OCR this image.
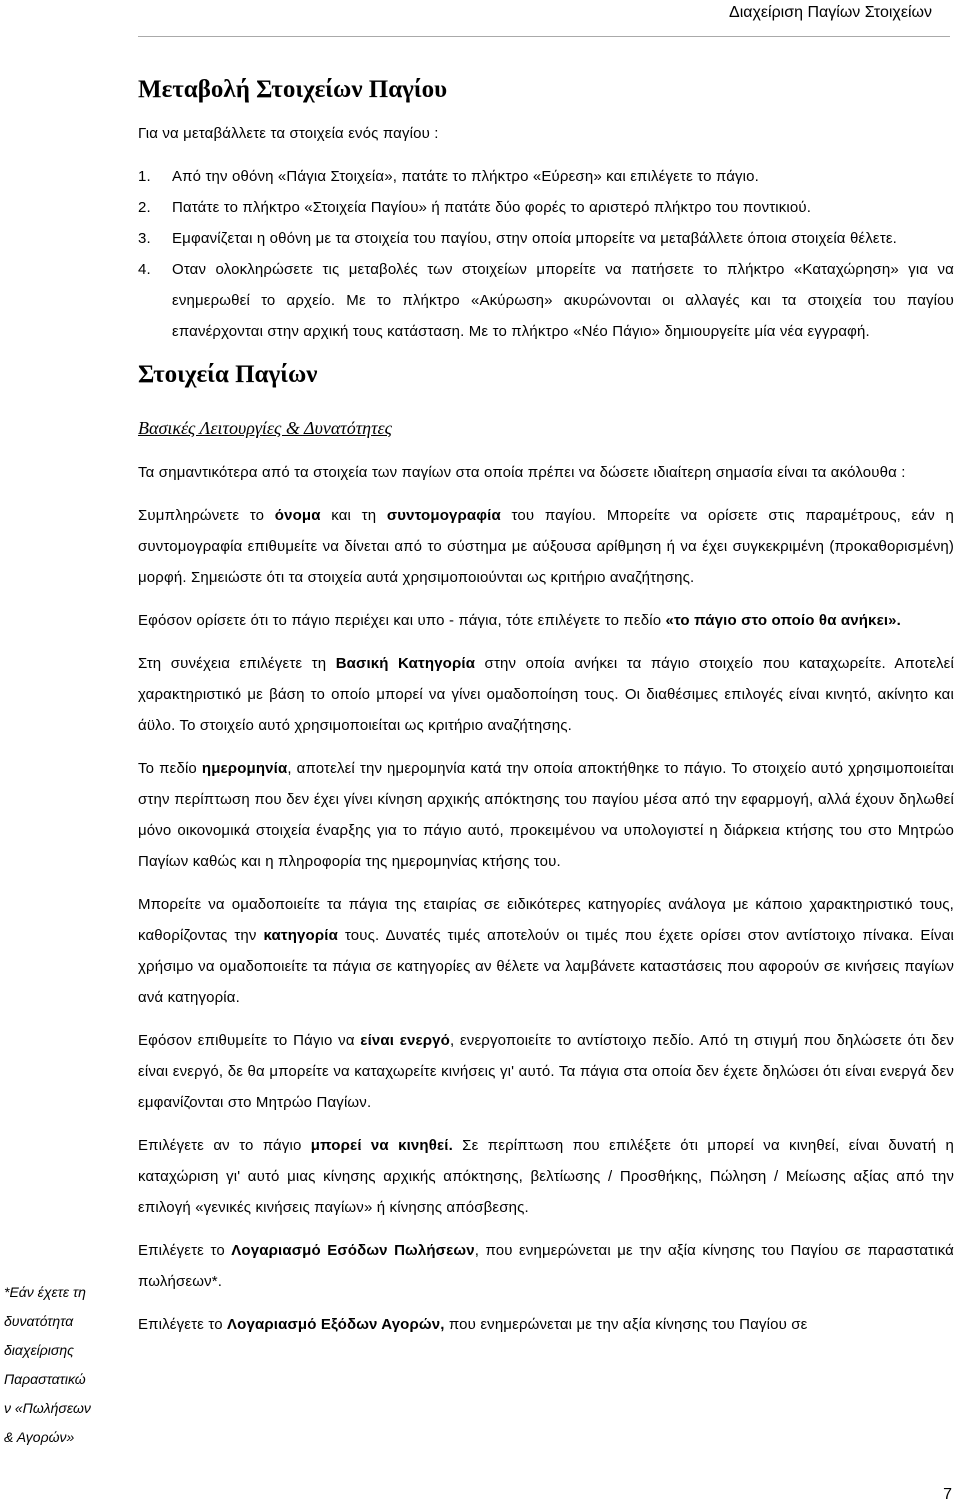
Διαχείριση Παγίων Στοιχείων
Μεταβολή Στοιχείων Παγίου

Για να μεταβάλλετε τα στοιχεία ενός παγίου :

1. Από την οθόνη «Πάγια Στοιχεία», πατάτε το πλήκτρο «Εύρεση» και επιλέγετε το πάγιο.
2. Πατάτε το πλήκτρο «Στοιχεία Παγίου» ή πατάτε δύο φορές το αριστερό πλήκτρο του ποντικιού.
3. Εμφανίζεται η οθόνη με τα στοιχεία του παγίου, στην οποία μπορείτε να μεταβάλλετε όποια στοιχεία θέλετε.
4. Οταν ολοκληρώσετε τις μεταβολές των στοιχείων μπορείτε να πατήσετε το πλήκτρο «Καταχώρηση» για να ενημερωθεί το αρχείο. Με το πλήκτρο «Ακύρωση» ακυρώνονται οι αλλαγές και τα στοιχεία του παγίου επανέρχονται στην αρχική τους κατάσταση. Με το πλήκτρο «Νέο Πάγιο» δημιουργείτε μία νέα εγγραφή.
Στοιχεία Παγίων
Βασικές Λειτουργίες & Δυνατότητες

Τα σημαντικότερα από τα στοιχεία των παγίων στα οποία πρέπει να δώσετε ιδιαίτερη σημασία είναι τα ακόλουθα :

Συμπληρώνετε το όνομα και τη συντομογραφία του παγίου. Μπορείτε να ορίσετε στις παραμέτρους, εάν η συντομογραφία επιθυμείτε να δίνεται από το σύστημα με αύξουσα αρίθμηση ή να έχει συγκεκριμένη (προκαθορισμένη) μορφή. Σημειώστε ότι τα στοιχεία αυτά χρησιμοποιούνται ως κριτήριο αναζήτησης.

Εφόσον ορίσετε ότι το πάγιο περιέχει και υπο - πάγια, τότε επιλέγετε το πεδίο «το πάγιο στο οποίο θα ανήκει».

Στη συνέχεια επιλέγετε τη Βασική Κατηγορία στην οποία ανήκει τα πάγιο στοιχείο που καταχωρείτε. Αποτελεί χαρακτηριστικό με βάση το οποίο μπορεί να γίνει ομαδοποίηση τους. Οι διαθέσιμες επιλογές είναι κινητό, ακίνητο και άϋλο. Το στοιχείο αυτό χρησιμοποιείται ως κριτήριο αναζήτησης.

Το πεδίο ημερομηνία, αποτελεί την ημερομηνία κατά την οποία αποκτήθηκε το πάγιο. Το στοιχείο αυτό χρησιμοποιείται στην περίπτωση που δεν έχει γίνει κίνηση αρχικής απόκτησης του παγίου μέσα από την εφαρμογή, αλλά έχουν δηλωθεί μόνο οικονομικά στοιχεία έναρξης για το πάγιο αυτό, προκειμένου να υπολογιστεί η διάρκεια κτήσης του στο Μητρώο Παγίων καθώς και η πληροφορία της ημερομηνίας κτήσης του.

Μπορείτε να ομαδοποιείτε τα πάγια της εταιρίας σε ειδικότερες κατηγορίες ανάλογα με κάποιο χαρακτηριστικό τους, καθορίζοντας την κατηγορία τους. Δυνατές τιμές αποτελούν οι τιμές που έχετε ορίσει στον αντίστοιχο πίνακα. Είναι χρήσιμο να ομαδοποιείτε τα πάγια σε κατηγορίες αν θέλετε να λαμβάνετε καταστάσεις που αφορούν σε κινήσεις παγίων ανά κατηγορία.

Εφόσον επιθυμείτε το Πάγιο να είναι ενεργό, ενεργοποιείτε το αντίστοιχο πεδίο. Από τη στιγμή που δηλώσετε ότι δεν είναι ενεργό, δε θα μπορείτε να καταχωρείτε κινήσεις γι' αυτό. Τα πάγια στα οποία δεν έχετε δηλώσει ότι είναι ενεργά δεν εμφανίζονται στο Μητρώο Παγίων.

Επιλέγετε αν το πάγιο μπορεί να κινηθεί. Σε περίπτωση που επιλέξετε ότι μπορεί να κινηθεί, είναι δυνατή η καταχώριση γι' αυτό μιας κίνησης αρχικής απόκτησης, βελτίωσης / Προσθήκης, Πώληση / Μείωσης αξίας από την επιλογή «γενικές κινήσεις παγίων» ή κίνησης απόσβεσης.

Επιλέγετε το Λογαριασμό Εσόδων Πωλήσεων, που ενημερώνεται με την αξία κίνησης του Παγίου σε παραστατικά πωλήσεων*.

Επιλέγετε το Λογαριασμό Εξόδων Αγορών, που ενημερώνεται με την αξία κίνησης του Παγίου σε

*Εάν έχετε τη
δυνατότητα
διαχείρισης
Παραστατικώ
ν «Πωλήσεων
& Αγορών»
7
